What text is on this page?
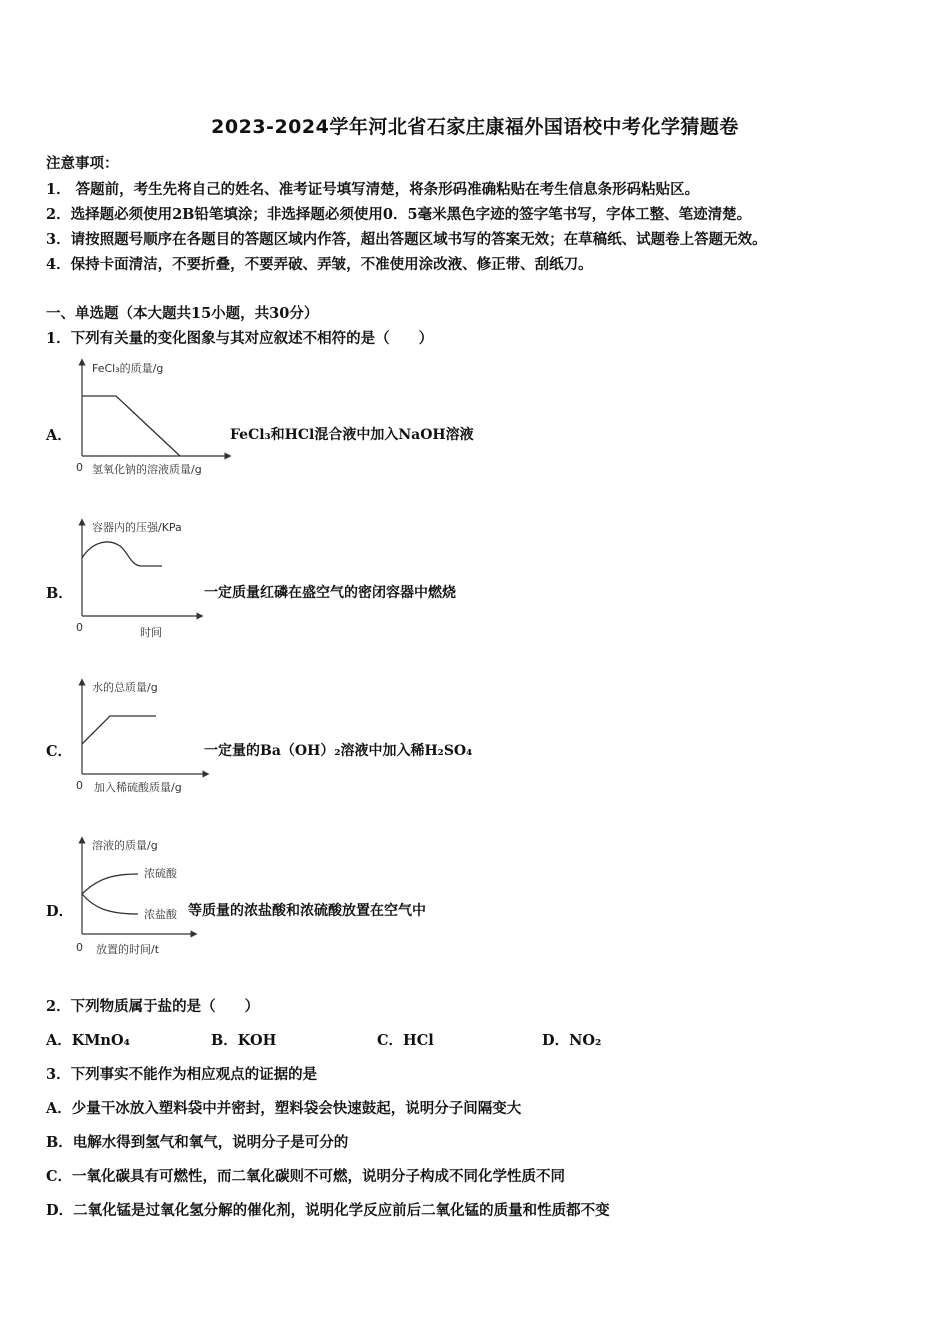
2023-2024学年河北省石家庄康福外国语校中考化学猜题卷
注意事项：
1． 答题前，考生先将自己的姓名、准考证号填写清楚，将条形码准确粘贴在考生信息条形码粘贴区。
2．选择题必须使用2B铅笔填涂；非选择题必须使用0．5毫米黑色字迹的签字笔书写，字体工整、笔迹清楚。
3．请按照题号顺序在各题目的答题区域内作答，超出答题区域书写的答案无效；在草稿纸、试题卷上答题无效。
4．保持卡面清洁，不要折叠，不要弄破、弄皱，不准使用涂改液、修正带、刮纸刀。
一、单选题（本大题共15小题，共30分）
1．下列有关量的变化图象与其对应叙述不相符的是（　　）
A．
FeCl₃的质量/g
0 氢氧化钠的溶液质量/g
FeCl₃和HCl混合液中加入NaOH溶液
B．
容器内的压强/KPa
0	时间
一定质量红磷在盛空气的密闭容器中燃烧
C．
水的总质量/g
0 加入稀硫酸质量/g
一定量的Ba（OH）₂溶液中加入稀H₂SO₄
D．
溶液的质量/g
浓硫酸
浓盐酸
0 放置的时间/t
等质量的浓盐酸和浓硫酸放置在空气中
2．下列物质属于盐的是（　　）
A．KMnO₄	B．KOH	C．HCl	D．NO₂
3．下列事实不能作为相应观点的证据的是
A．少量干冰放入塑料袋中并密封，塑料袋会快速鼓起，说明分子间隔变大
B．电解水得到氢气和氧气，说明分子是可分的
C．一氧化碳具有可燃性，而二氧化碳则不可燃，说明分子构成不同化学性质不同
D．二氧化锰是过氧化氢分解的催化剂，说明化学反应前后二氧化锰的质量和性质都不变
